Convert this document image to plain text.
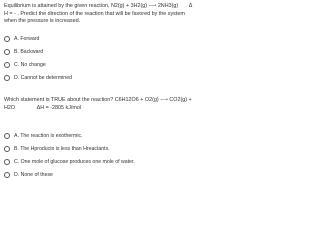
Equilibrium is attained by the given reaction, N2(g) + 3H2(g) ⟶ 2NH3(g) Δ
H = - . Predict the direction of the reaction that will be favored by the system
when the pressure is increased.
A. Forward
B. Backward
C. No change
D. Cannot be determined
Which statement is TRUE about the reaction? C6H12O6 + O2(g) ⟶ CO2(g) +
H2O	ΔH = -2805 kJ/mol
A. The reaction is exothermic.
B. The Hproducts is less than Hreactants.
C. One mole of glucose produces one mole of water.
D. None of these
